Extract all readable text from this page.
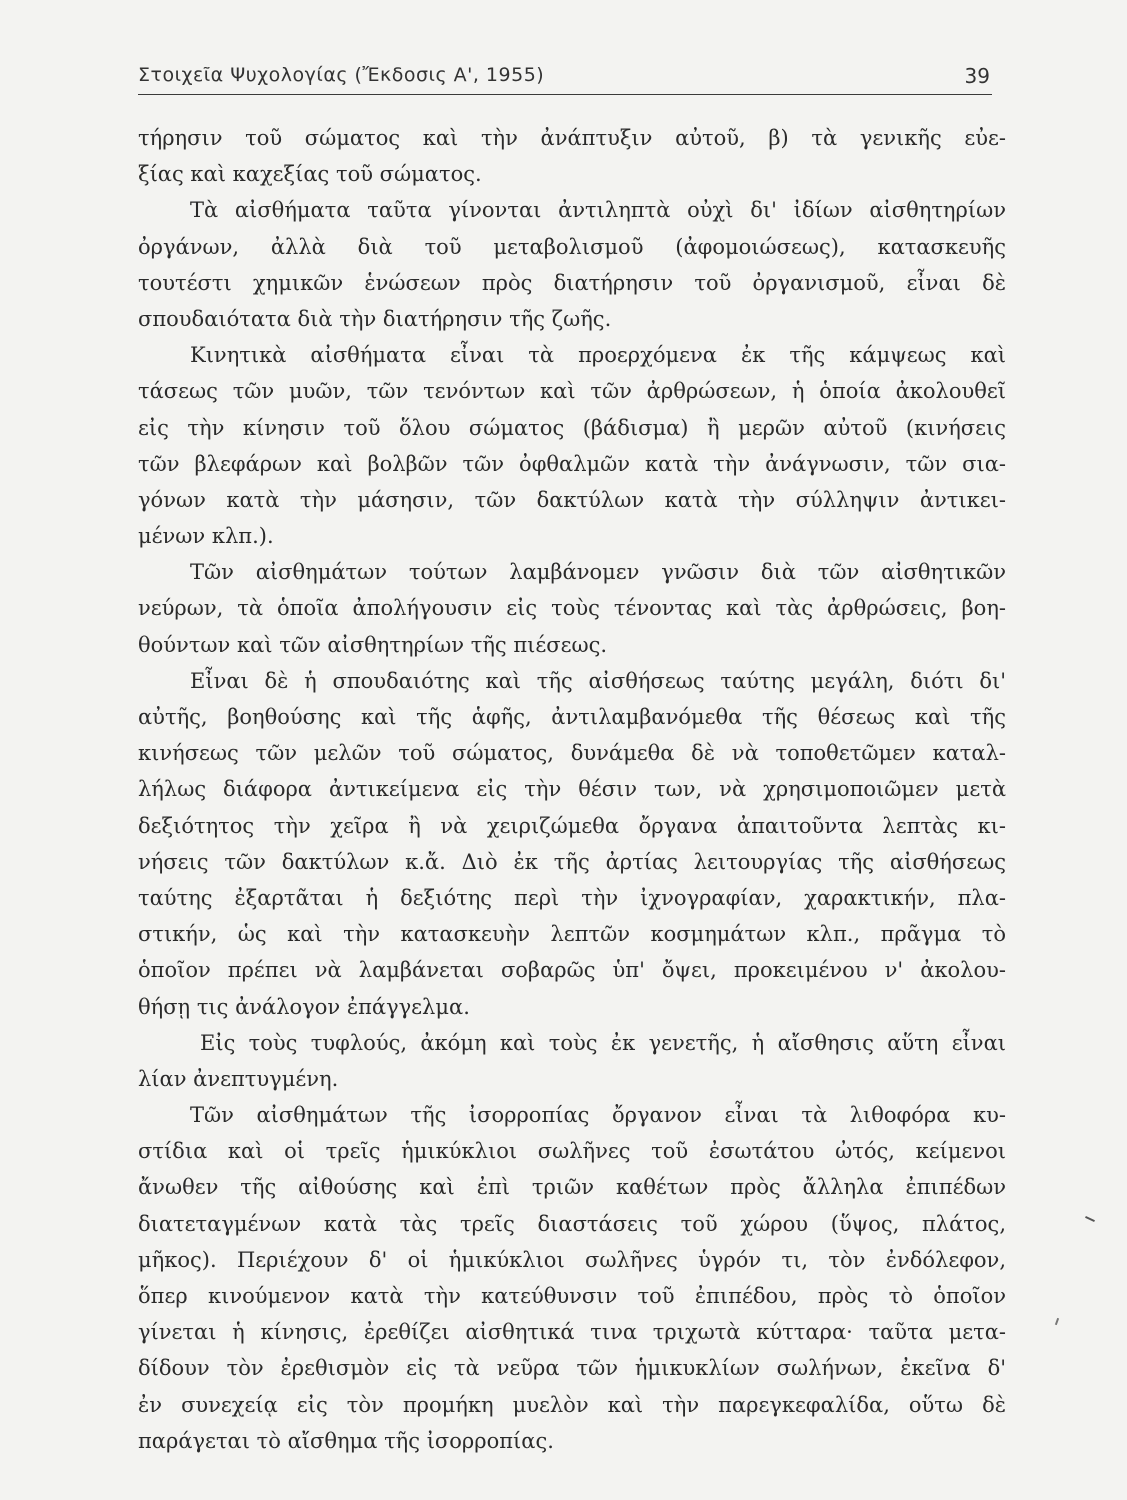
Στοιχεῖα Ψυχολογίας (Ἔκδοσις Α', 1955)	39
τήρησιν τοῦ σώματος καὶ τὴν ἀνάπτυξιν αὐτοῦ, β) τὰ γενικῆς εὐε-
ξίας καὶ καχεξίας τοῦ σώματος.
Τὰ αἰσθήματα ταῦτα γίνονται ἀντιληπτὰ οὐχὶ δι' ἰδίων αἰσθητηρίων
ὀργάνων, ἀλλὰ διὰ τοῦ μεταβολισμοῦ (ἀφομοιώσεως), κατασκευῆς
τουτέστι χημικῶν ἑνώσεων πρὸς διατήρησιν τοῦ ὀργανισμοῦ, εἶναι δὲ
σπουδαιότατα διὰ τὴν διατήρησιν τῆς ζωῆς.
Κινητικὰ αἰσθήματα εἶναι τὰ προερχόμενα ἐκ τῆς κάμψεως καὶ
τάσεως τῶν μυῶν, τῶν τενόντων καὶ τῶν ἀρθρώσεων, ἡ ὁποία ἀκολουθεῖ
εἰς τὴν κίνησιν τοῦ ὅλου σώματος (βάδισμα) ἢ μερῶν αὐτοῦ (κινήσεις
τῶν βλεφάρων καὶ βολβῶν τῶν ὀφθαλμῶν κατὰ τὴν ἀνάγνωσιν, τῶν σια-
γόνων κατὰ τὴν μάσησιν, τῶν δακτύλων κατὰ τὴν σύλληψιν ἀντικει-
μένων κλπ.).
Τῶν αἰσθημάτων τούτων λαμβάνομεν γνῶσιν διὰ τῶν αἰσθητικῶν
νεύρων, τὰ ὁποῖα ἀπολήγουσιν εἰς τοὺς τένοντας καὶ τὰς ἀρθρώσεις, βοη-
θούντων καὶ τῶν αἰσθητηρίων τῆς πιέσεως.
Εἶναι δὲ ἡ σπουδαιότης καὶ τῆς αἰσθήσεως ταύτης μεγάλη, διότι δι'
αὐτῆς, βοηθούσης καὶ τῆς ἁφῆς, ἀντιλαμβανόμεθα τῆς θέσεως καὶ τῆς
κινήσεως τῶν μελῶν τοῦ σώματος, δυνάμεθα δὲ νὰ τοποθετῶμεν καταλ-
λήλως διάφορα ἀντικείμενα εἰς τὴν θέσιν των, νὰ χρησιμοποιῶμεν μετὰ
δεξιότητος τὴν χεῖρα ἢ νὰ χειριζώμεθα ὄργανα ἀπαιτοῦντα λεπτὰς κι-
νήσεις τῶν δακτύλων κ.ἄ. Διὸ ἐκ τῆς ἀρτίας λειτουργίας τῆς αἰσθήσεως
ταύτης ἐξαρτᾶται ἡ δεξιότης περὶ τὴν ἰχνογραφίαν, χαρακτικήν, πλα-
στικήν, ὡς καὶ τὴν κατασκευὴν λεπτῶν κοσμημάτων κλπ., πρᾶγμα τὸ
ὁποῖον πρέπει νὰ λαμβάνεται σοβαρῶς ὑπ' ὄψει, προκειμένου ν' ἀκολου-
θήσῃ τις ἀνάλογον ἐπάγγελμα.
Εἰς τοὺς τυφλούς, ἀκόμη καὶ τοὺς ἐκ γενετῆς, ἡ αἴσθησις αὕτη εἶναι
λίαν ἀνεπτυγμένη.
Τῶν αἰσθημάτων τῆς ἰσορροπίας ὄργανον εἶναι τὰ λιθοφόρα κυ-
στίδια καὶ οἱ τρεῖς ἡμικύκλιοι σωλῆνες τοῦ ἐσωτάτου ὠτός, κείμενοι
ἄνωθεν τῆς αἰθούσης καὶ ἐπὶ τριῶν καθέτων πρὸς ἄλληλα ἐπιπέδων
διατεταγμένων κατὰ τὰς τρεῖς διαστάσεις τοῦ χώρου (ὕψος, πλάτος,
μῆκος). Περιέχουν δ' οἱ ἡμικύκλιοι σωλῆνες ὑγρόν τι, τὸν ἐνδόλεφον,
ὅπερ κινούμενον κατὰ τὴν κατεύθυνσιν τοῦ ἐπιπέδου, πρὸς τὸ ὁποῖον
γίνεται ἡ κίνησις, ἐρεθίζει αἰσθητικά τινα τριχωτὰ κύτταρα· ταῦτα μετα-
δίδουν τὸν ἐρεθισμὸν εἰς τὰ νεῦρα τῶν ἡμικυκλίων σωλήνων, ἐκεῖνα δ'
ἐν συνεχείᾳ εἰς τὸν προμήκη μυελὸν καὶ τὴν παρεγκεφαλίδα, οὕτω δὲ
παράγεται τὸ αἴσθημα τῆς ἰσορροπίας.
